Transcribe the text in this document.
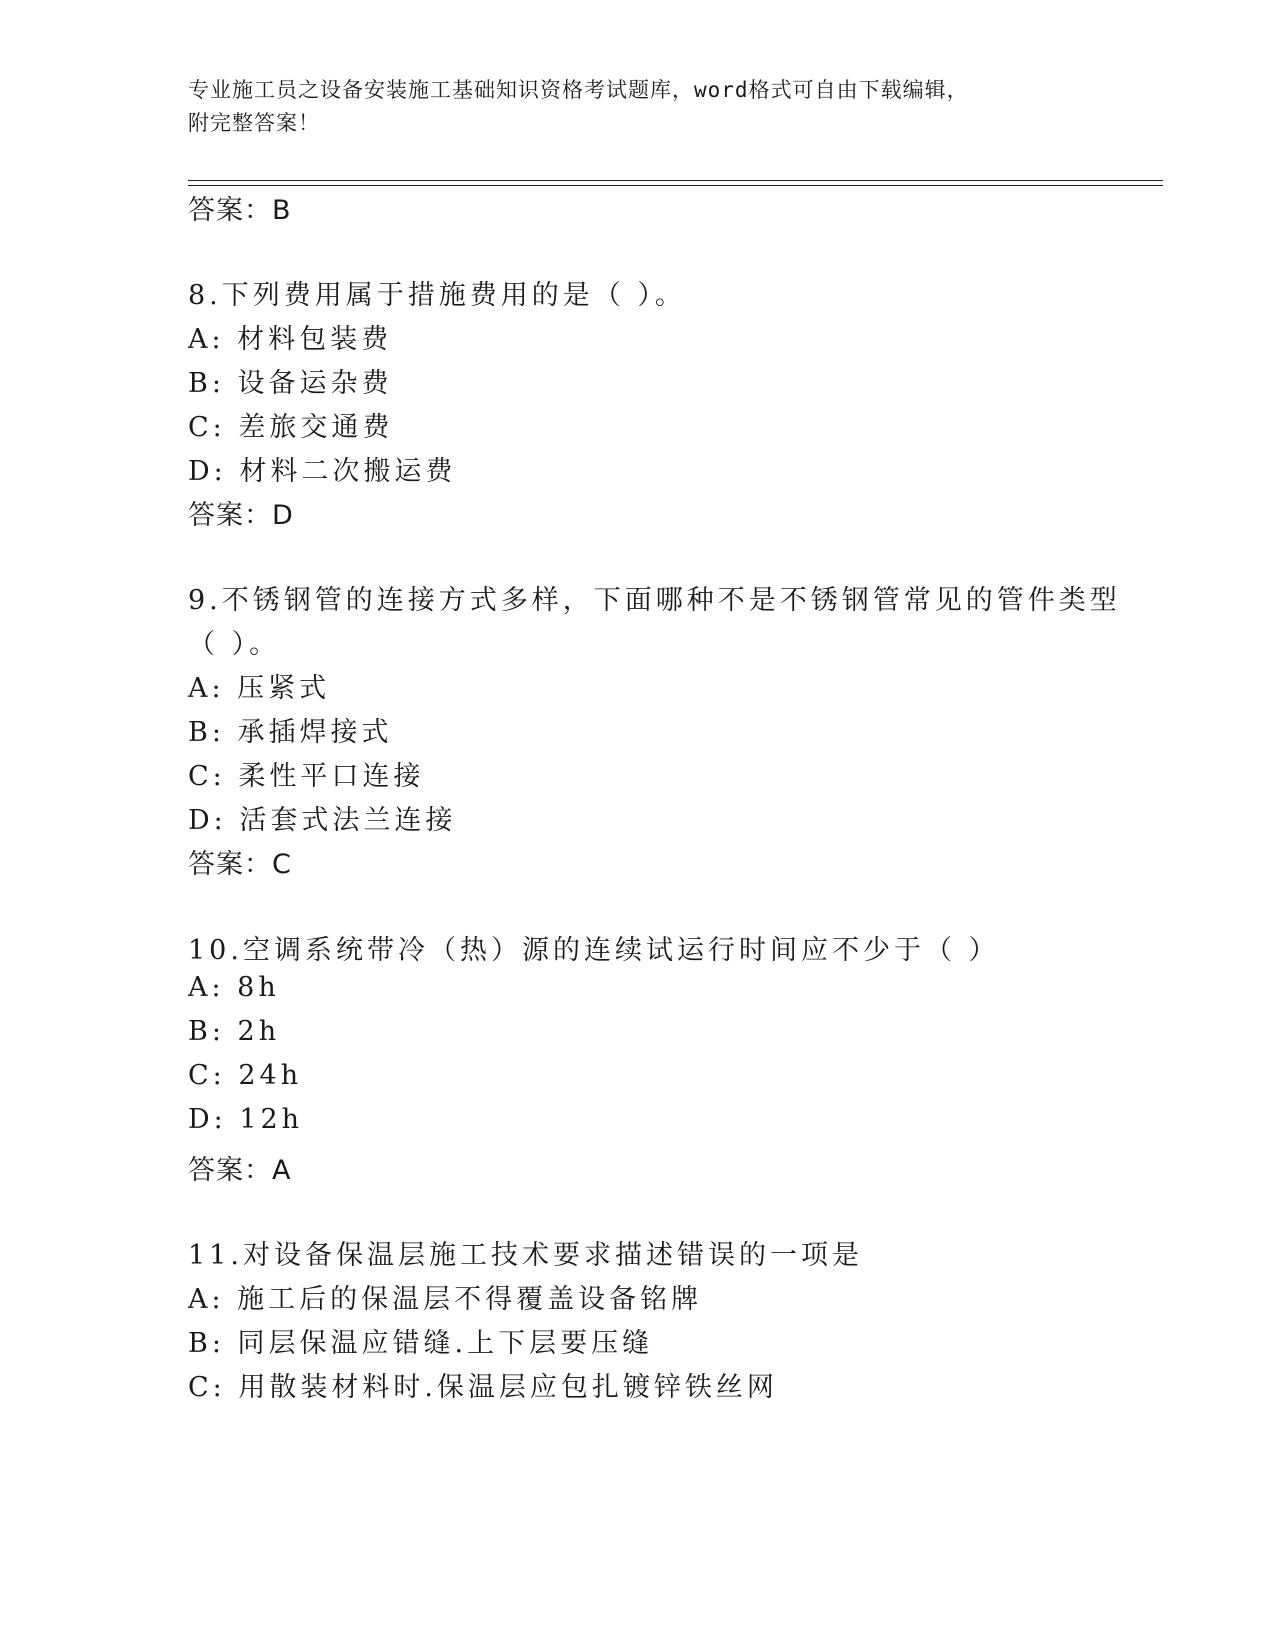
专业施工员之设备安装施工基础知识资格考试题库，word格式可自由下载编辑，
附完整答案！
答案：B
8.下列费用属于措施费用的是（ ）。
A: 材料包装费
B: 设备运杂费
C: 差旅交通费
D: 材料二次搬运费
答案：D
9.不锈钢管的连接方式多样，下面哪种不是不锈钢管常见的管件类型
（ ）。
A: 压紧式
B: 承插焊接式
C: 柔性平口连接
D: 活套式法兰连接
答案：C
10.空调系统带冷（热）源的连续试运行时间应不少于（ ）
A: 8h
B: 2h
C: 24h
D: 12h
答案：A
11.对设备保温层施工技术要求描述错误的一项是
A: 施工后的保温层不得覆盖设备铭牌
B: 同层保温应错缝.上下层要压缝
C: 用散装材料时.保温层应包扎镀锌铁丝网
